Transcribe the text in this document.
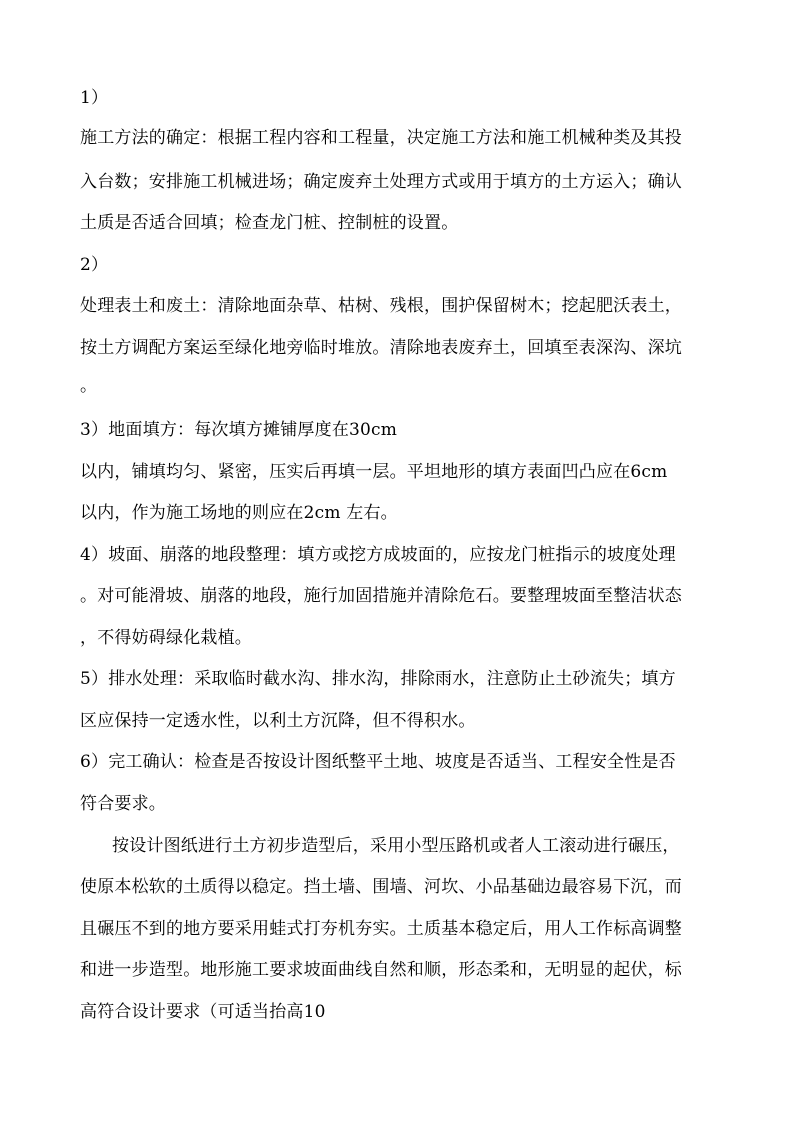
1）
施工方法的确定：根据工程内容和工程量，决定施工方法和施工机械种类及其投
入台数；安排施工机械进场；确定废弃土处理方式或用于填方的土方运入；确认
土质是否适合回填；检查龙门桩、控制桩的设置。
2）
处理表土和废土：清除地面杂草、枯树、残根，围护保留树木；挖起肥沃表土，
按土方调配方案运至绿化地旁临时堆放。清除地表废弃土，回填至表深沟、深坑
。
3）地面填方：每次填方摊铺厚度在30cm
以内，铺填均匀、紧密，压实后再填一层。平坦地形的填方表面凹凸应在6cm
以内，作为施工场地的则应在2cm 左右。
4）坡面、崩落的地段整理：填方或挖方成坡面的，应按龙门桩指示的坡度处理
。对可能滑坡、崩落的地段，施行加固措施并清除危石。要整理坡面至整洁状态
，不得妨碍绿化栽植。
5）排水处理：采取临时截水沟、排水沟，排除雨水，注意防止土砂流失；填方
区应保持一定透水性，以利土方沉降，但不得积水。
6）完工确认：检查是否按设计图纸整平土地、坡度是否适当、工程安全性是否
符合要求。
按设计图纸进行土方初步造型后，采用小型压路机或者人工滚动进行碾压，
使原本松软的土质得以稳定。挡土墙、围墙、河坎、小品基础边最容易下沉，而
且碾压不到的地方要采用蛙式打夯机夯实。土质基本稳定后，用人工作标高调整
和进一步造型。地形施工要求坡面曲线自然和顺，形态柔和，无明显的起伏，标
高符合设计要求（可适当抬高10
